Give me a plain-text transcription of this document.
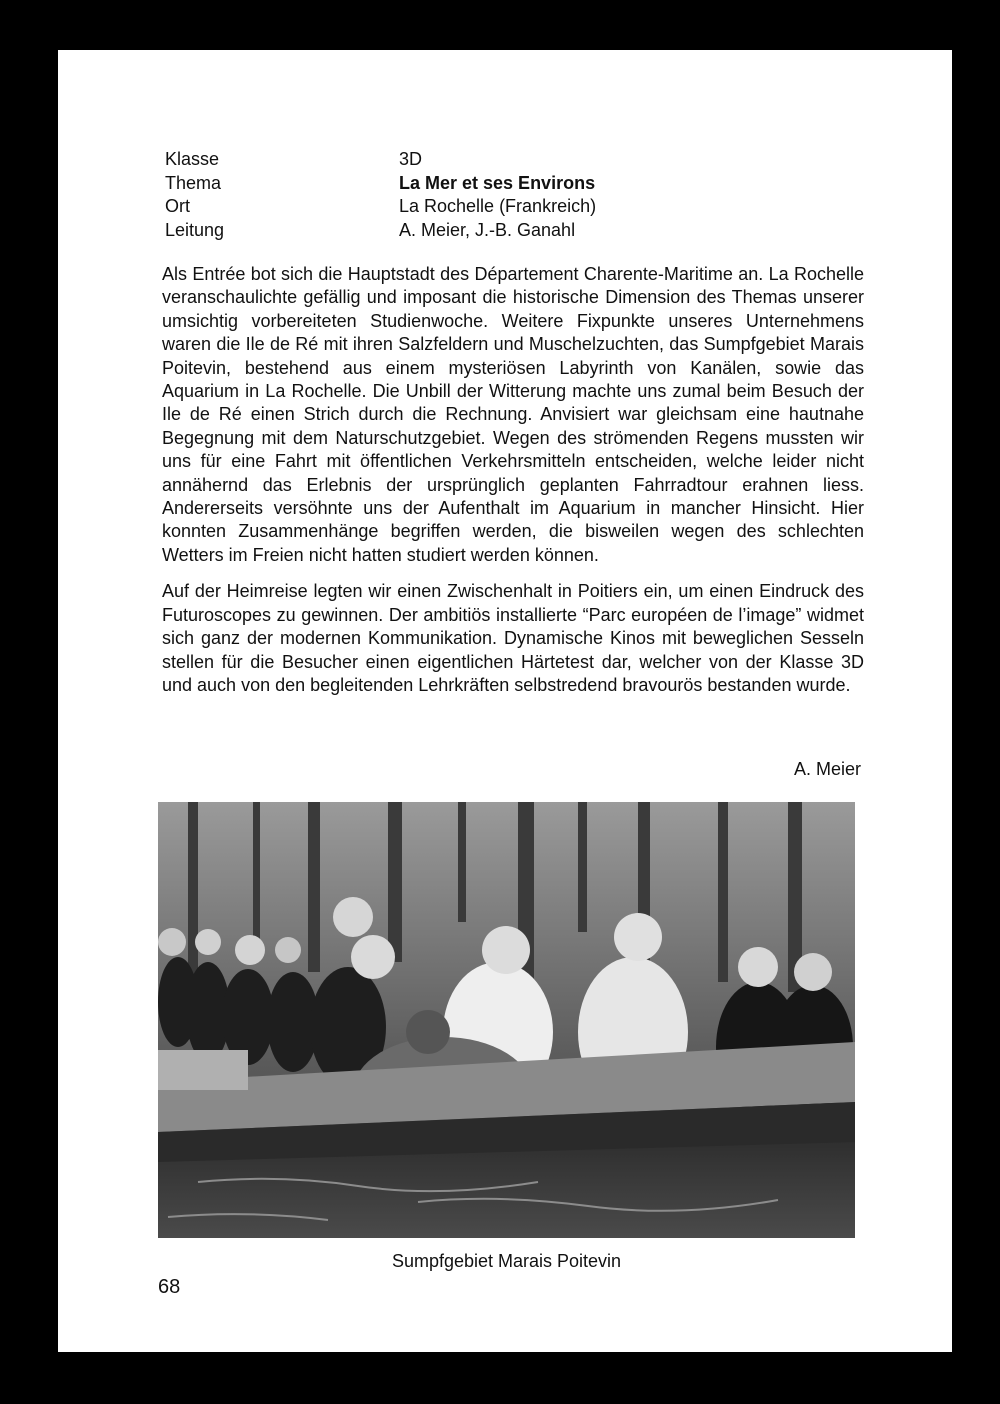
Klasse	3D
Thema	La Mer et ses Environs
Ort	La Rochelle (Frankreich)
Leitung	A. Meier, J.-B. Ganahl

Als Entrée bot sich die Hauptstadt des Département Charente-Maritime an. La Rochelle veranschaulichte gefällig und imposant die historische Dimension des Themas unserer umsichtig vorbereiteten Studienwoche. Weitere Fixpunkte unseres Unternehmens waren die Ile de Ré mit ihren Salzfeldern und Muschelzuchten, das Sumpfgebiet Marais Poitevin, bestehend aus einem mysteriösen Labyrinth von Kanälen, sowie das Aquarium in La Rochelle. Die Unbill der Witterung machte uns zumal beim Besuch der Ile de Ré einen Strich durch die Rechnung. Anvisiert war gleichsam eine hautnahe Begegnung mit dem Naturschutzgebiet. Wegen des strömenden Regens mussten wir uns für eine Fahrt mit öffentlichen Verkehrsmitteln entscheiden, welche leider nicht annähernd das Erlebnis der ursprünglich geplanten Fahrradtour erahnen liess. Andererseits versöhnte uns der Aufenthalt im Aquarium in mancher Hinsicht. Hier konnten Zusammenhänge begriffen werden, die bisweilen wegen des schlechten Wetters im Freien nicht hatten studiert werden können.

Auf der Heimreise legten wir einen Zwischenhalt in Poitiers ein, um einen Eindruck des Futuroscopes zu gewinnen. Der ambitiös installierte “Parc européen de l’image” widmet sich ganz der modernen Kommunikation. Dynamische Kinos mit beweglichen Sesseln stellen für die Besucher einen eigentlichen Härtetest dar, welcher von der Klasse 3D und auch von den begleitenden Lehrkräften selbstredend bravourös bestanden wurde.

A. Meier
Sumpfgebiet Marais Poitevin
68
